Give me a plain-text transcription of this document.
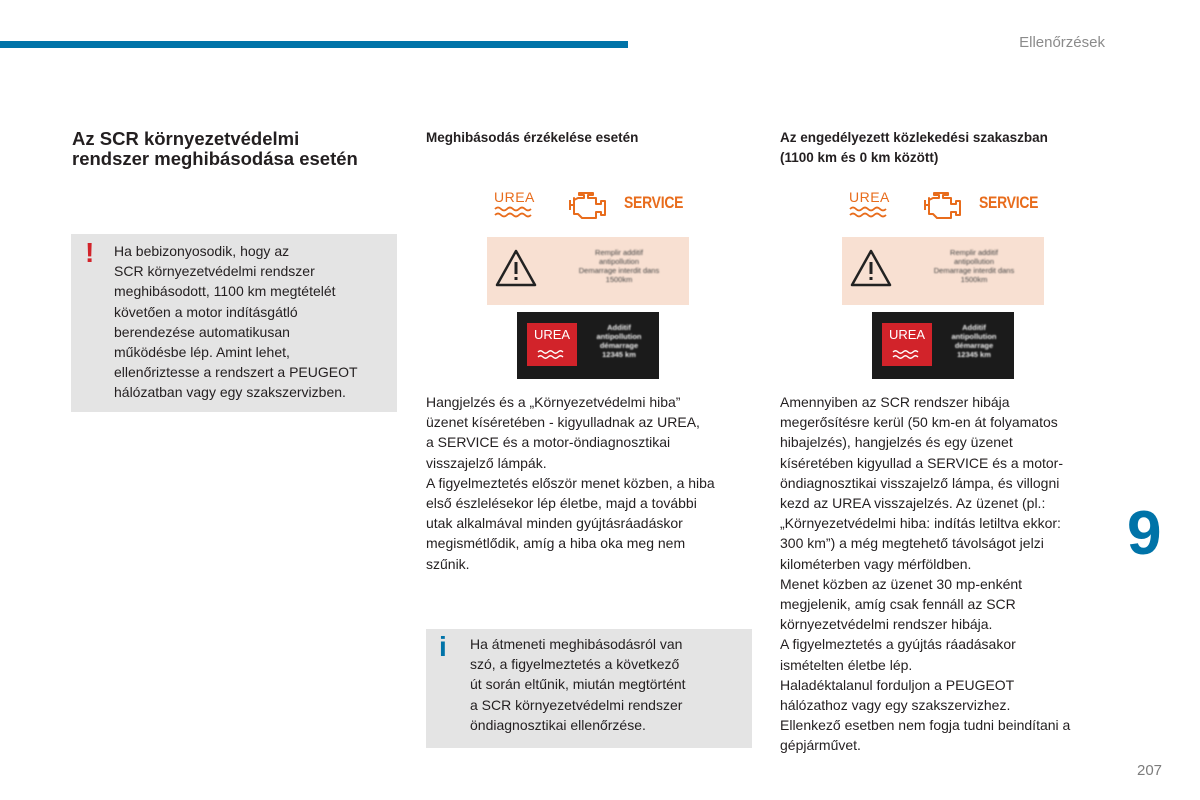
Ellenőrzések
Az SCR környezetvédelmi
rendszer meghibásodása esetén
! Ha bebizonyosodik, hogy az
SCR környezetvédelmi rendszer
meghibásodott, 1100 km megtételét
követően a motor indításgátló
berendezése automatikusan
működésbe lép. Amint lehet,
ellenőriztesse a rendszert a PEUGEOT
hálózatban vagy egy szakszervizben.
Meghibásodás érzékelése esetén
UREA	SERVICE
Remplir additif
antipollution
Demarrage interdit dans
1500km
UREA	Additif
antipollution
démarrage
12345 km

Hangjelzés és a „Környezetvédelmi hiba”

üzenet kíséretében - kigyulladnak az UREA,

a SERVICE és a motor-öndiagnosztikai

visszajelző lámpák.

A figyelmeztetés először menet közben, a hiba

első észlelésekor lép életbe, majd a további

utak alkalmával minden gyújtásráadáskor

megismétlődik, amíg a hiba oka meg nem

szűnik.

i Ha átmeneti meghibásodásról van
szó, a figyelmeztetés a következő
út során eltűnik, miután megtörtént
a SCR környezetvédelmi rendszer
öndiagnosztikai ellenőrzése.
Az engedélyezett közlekedési szakaszban
(1100 km és 0 km között)
UREA	SERVICE
Remplir additif
antipollution
Demarrage interdit dans
1500km
UREA	Additif
antipollution
démarrage
12345 km

Amennyiben az SCR rendszer hibája

megerősítésre kerül (50 km-en át folyamatos

hibajelzés), hangjelzés és egy üzenet

kíséretében kigyullad a SERVICE és a motor-

öndiagnosztikai visszajelző lámpa, és villogni

kezd az UREA visszajelzés. Az üzenet (pl.:

„Környezetvédelmi hiba: indítás letiltva ekkor:

300 km”) a még megtehető távolságot jelzi

kilométerben vagy mérföldben.

Menet közben az üzenet 30 mp-enként

megjelenik, amíg csak fennáll az SCR

környezetvédelmi rendszer hibája.

A figyelmeztetés a gyújtás ráadásakor

ismételten életbe lép.

Haladéktalanul forduljon a PEUGEOT

hálózathoz vagy egy szakszervizhez.

Ellenkező esetben nem fogja tudni beindítani a

gépjárművet.

9
207
